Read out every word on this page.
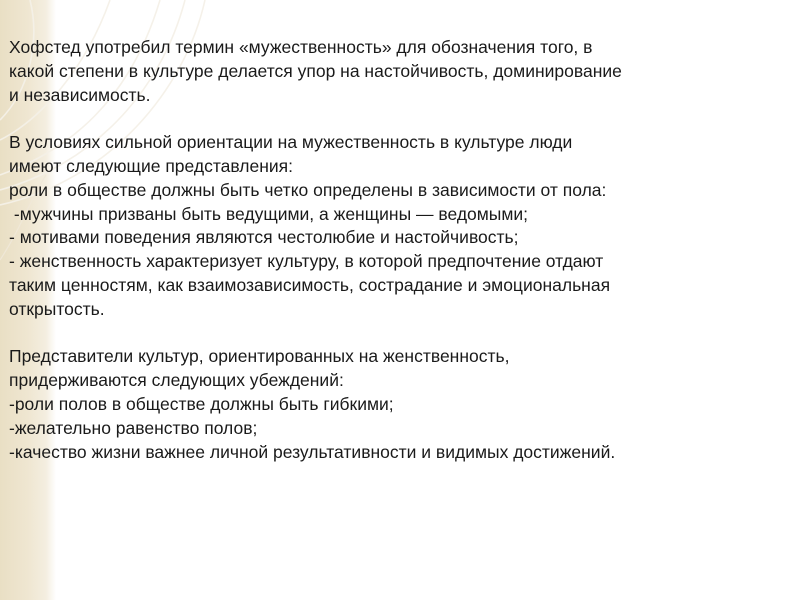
Хофстед употребил термин «мужественность» для обозначения того, в
какой степени в культуре делается упор на настойчивость, доминирование
и независимость.
В условиях сильной ориентации на мужественность в культуре люди
имеют следующие представления:
роли в обществе должны быть четко определены в зависимости от пола:
-мужчины призваны быть ведущими, а женщины — ведомыми;
- мотивами поведения являются честолюбие и настойчивость;
- женственность характеризует культуру, в которой предпочтение отдают
таким ценностям, как взаимозависимость, сострадание и эмоциональная
открытость.
Представители культур, ориентированных на женственность,
придерживаются следующих убеждений:
-роли полов в обществе должны быть гибкими;
-желательно равенство полов;
-качество жизни важнее личной результативности и видимых достижений.
